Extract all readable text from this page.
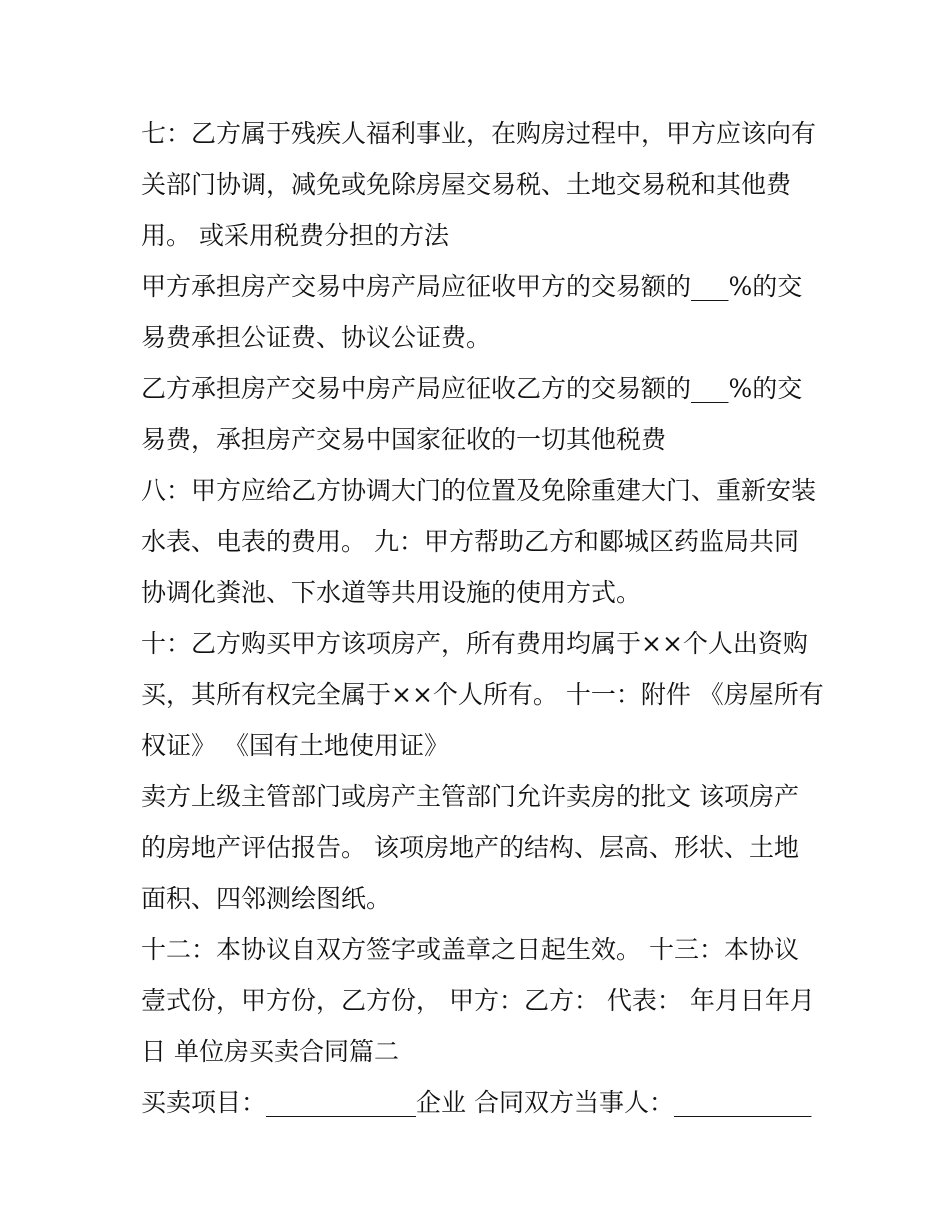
七：乙方属于残疾人福利事业，在购房过程中，甲方应该向有
关部门协调，减免或免除房屋交易税、土地交易税和其他费
用。 或采用税费分担的方法
甲方承担房产交易中房产局应征收甲方的交易额的___%的交
易费承担公证费、协议公证费。
乙方承担房产交易中房产局应征收乙方的交易额的___%的交
易费，承担房产交易中国家征收的一切其他税费
八：甲方应给乙方协调大门的位置及免除重建大门、重新安装
水表、电表的费用。 九：甲方帮助乙方和郾城区药监局共同
协调化粪池、下水道等共用设施的使用方式。
十：乙方购买甲方该项房产，所有费用均属于××个人出资购
买，其所有权完全属于××个人所有。 十一：附件 《房屋所有
权证》 《国有土地使用证》
卖方上级主管部门或房产主管部门允许卖房的批文 该项房产
的房地产评估报告。 该项房地产的结构、层高、形状、土地
面积、四邻测绘图纸。
十二：本协议自双方签字或盖章之日起生效。 十三：本协议
壹式份，甲方份，乙方份， 甲方：乙方： 代表： 年月日年月
日 单位房买卖合同篇二
买卖项目：____________企业 合同双方当事人：___________
